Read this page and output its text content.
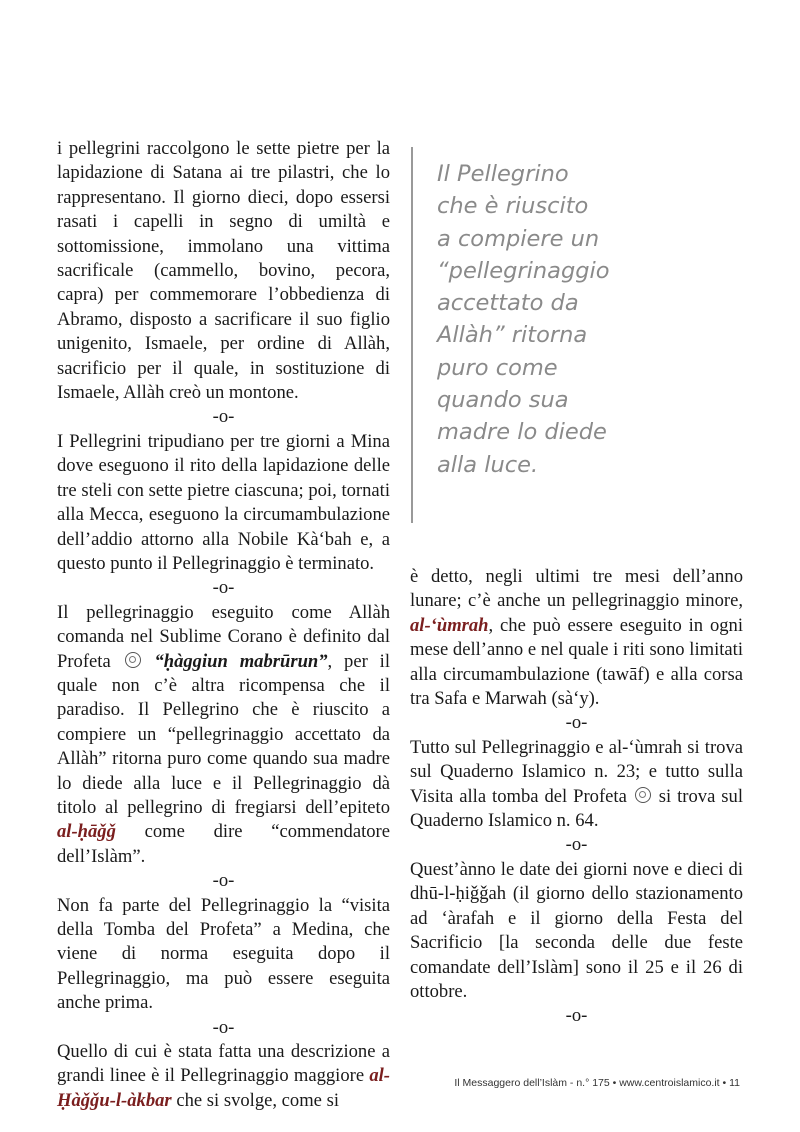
i pellegrini raccolgono le sette pietre per la lapidazione di Satana ai tre pilastri, che lo rappresentano. Il giorno dieci, dopo essersi rasati i capelli in segno di umiltà e sottomissione, immolano una vittima sacrificale (cammello, bovino, pecora, capra) per commemorare l’obbedienza di Abramo, disposto a sacrificare il suo figlio unigenito, Ismaele, per ordine di Allàh, sacrificio per il quale, in sostituzione di Ismaele, Allàh creò un montone.

-o-

I Pellegrini tripudiano per tre giorni a Mina dove eseguono il rito della lapidazione delle tre steli con sette pietre ciascuna; poi, tornati alla Mecca, eseguono la circumambulazione dell’addio attorno alla Nobile Kà‘bah e, a questo punto il Pellegrinaggio è terminato.

-o-

Il pellegrinaggio eseguito come Allàh comanda nel Sublime Corano è definito dal Profeta “ḥàggiun mabrūrun”, per il quale non c’è altra ricompensa che il paradiso. Il Pellegrino che è riuscito a compiere un “pellegrinaggio accettato da Allàh” ritorna puro come quando sua madre lo diede alla luce e il Pellegrinaggio dà titolo al pellegrino di fregiarsi dell’epiteto al-ḥāǧǧ come dire “commendatore dell’Islàm”.

-o-

Non fa parte del Pellegrinaggio la “visita della Tomba del Profeta” a Medina, che viene di norma eseguita dopo il Pellegrinaggio, ma può essere eseguita anche prima.

-o-

Quello di cui è stata fatta una descrizione a grandi linee è il Pellegrinaggio maggiore al-Ḥàǧǧu-l-àkbar che si svolge, come si

Il Pellegrino
che è riuscito
a compiere un
“pellegrinaggio
accettato da
Allàh” ritorna
puro come
quando sua
madre lo diede
alla luce.

è detto, negli ultimi tre mesi dell’anno lunare; c’è anche un pellegrinaggio minore, al-‘ùmrah, che può essere eseguito in ogni mese dell’anno e nel quale i riti sono limitati alla circumambulazione (tawāf) e alla corsa tra Safa e Marwah (sà‘y).

-o-

Tutto sul Pellegrinaggio e al-‘ùmrah si trova sul Quaderno Islamico n. 23; e tutto sulla Visita alla tomba del Profeta si trova sul Quaderno Islamico n. 64.

-o-

Quest’ànno le date dei giorni nove e dieci di dhū-l-ḥiǧǧah (il giorno dello stazionamento ad ‘àrafah e il giorno della Festa del Sacrificio [la seconda delle due feste comandate dell’Islàm] sono il 25 e il 26 di ottobre.

-o-
Il Messaggero dell’Islàm - n.° 175 • www.centroislamico.it • 11
